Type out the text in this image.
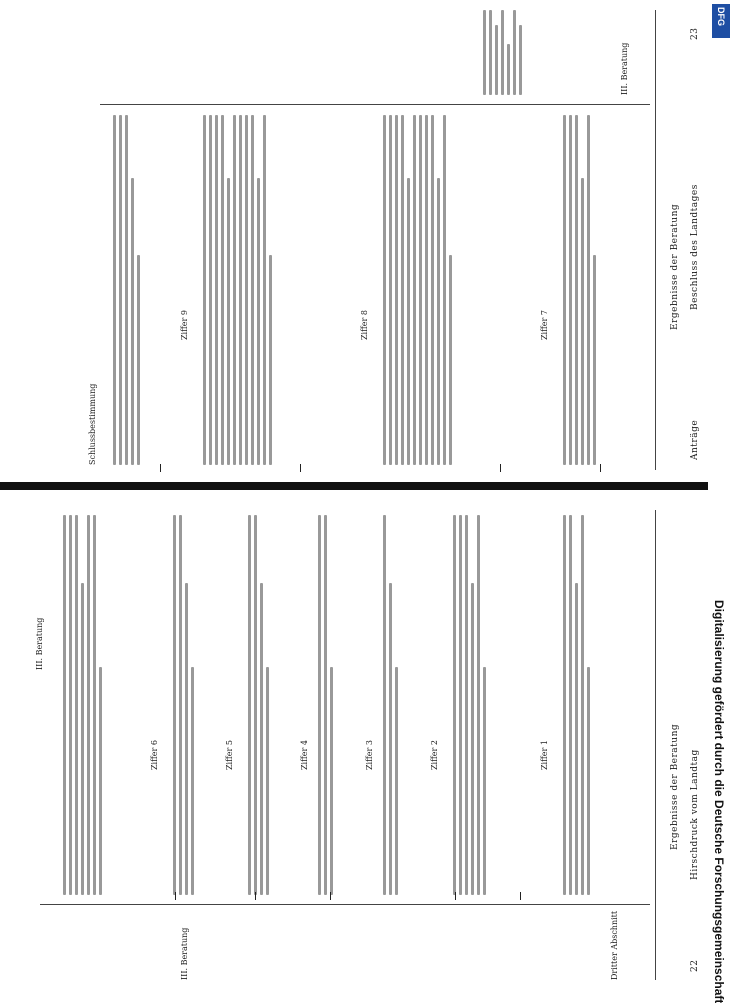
22
Hirschdruck vom Landtag
Ergebnisse der Beratung
Dritter Abschnitt
III. Beratung
Ziffer 1
Ziffer 2
Ziffer 3
Ziffer 4
Ziffer 5
Ziffer 6
III. Beratung
Anträge
Beschluss des Landtages
23
Ergebnisse der Beratung
III. Beratung
Ziffer 7
Ziffer 8
Ziffer 9
Schlussbestimmung
DFG
Digitalisierung gefördert durch die Deutsche Forschungsgemeinschaft
